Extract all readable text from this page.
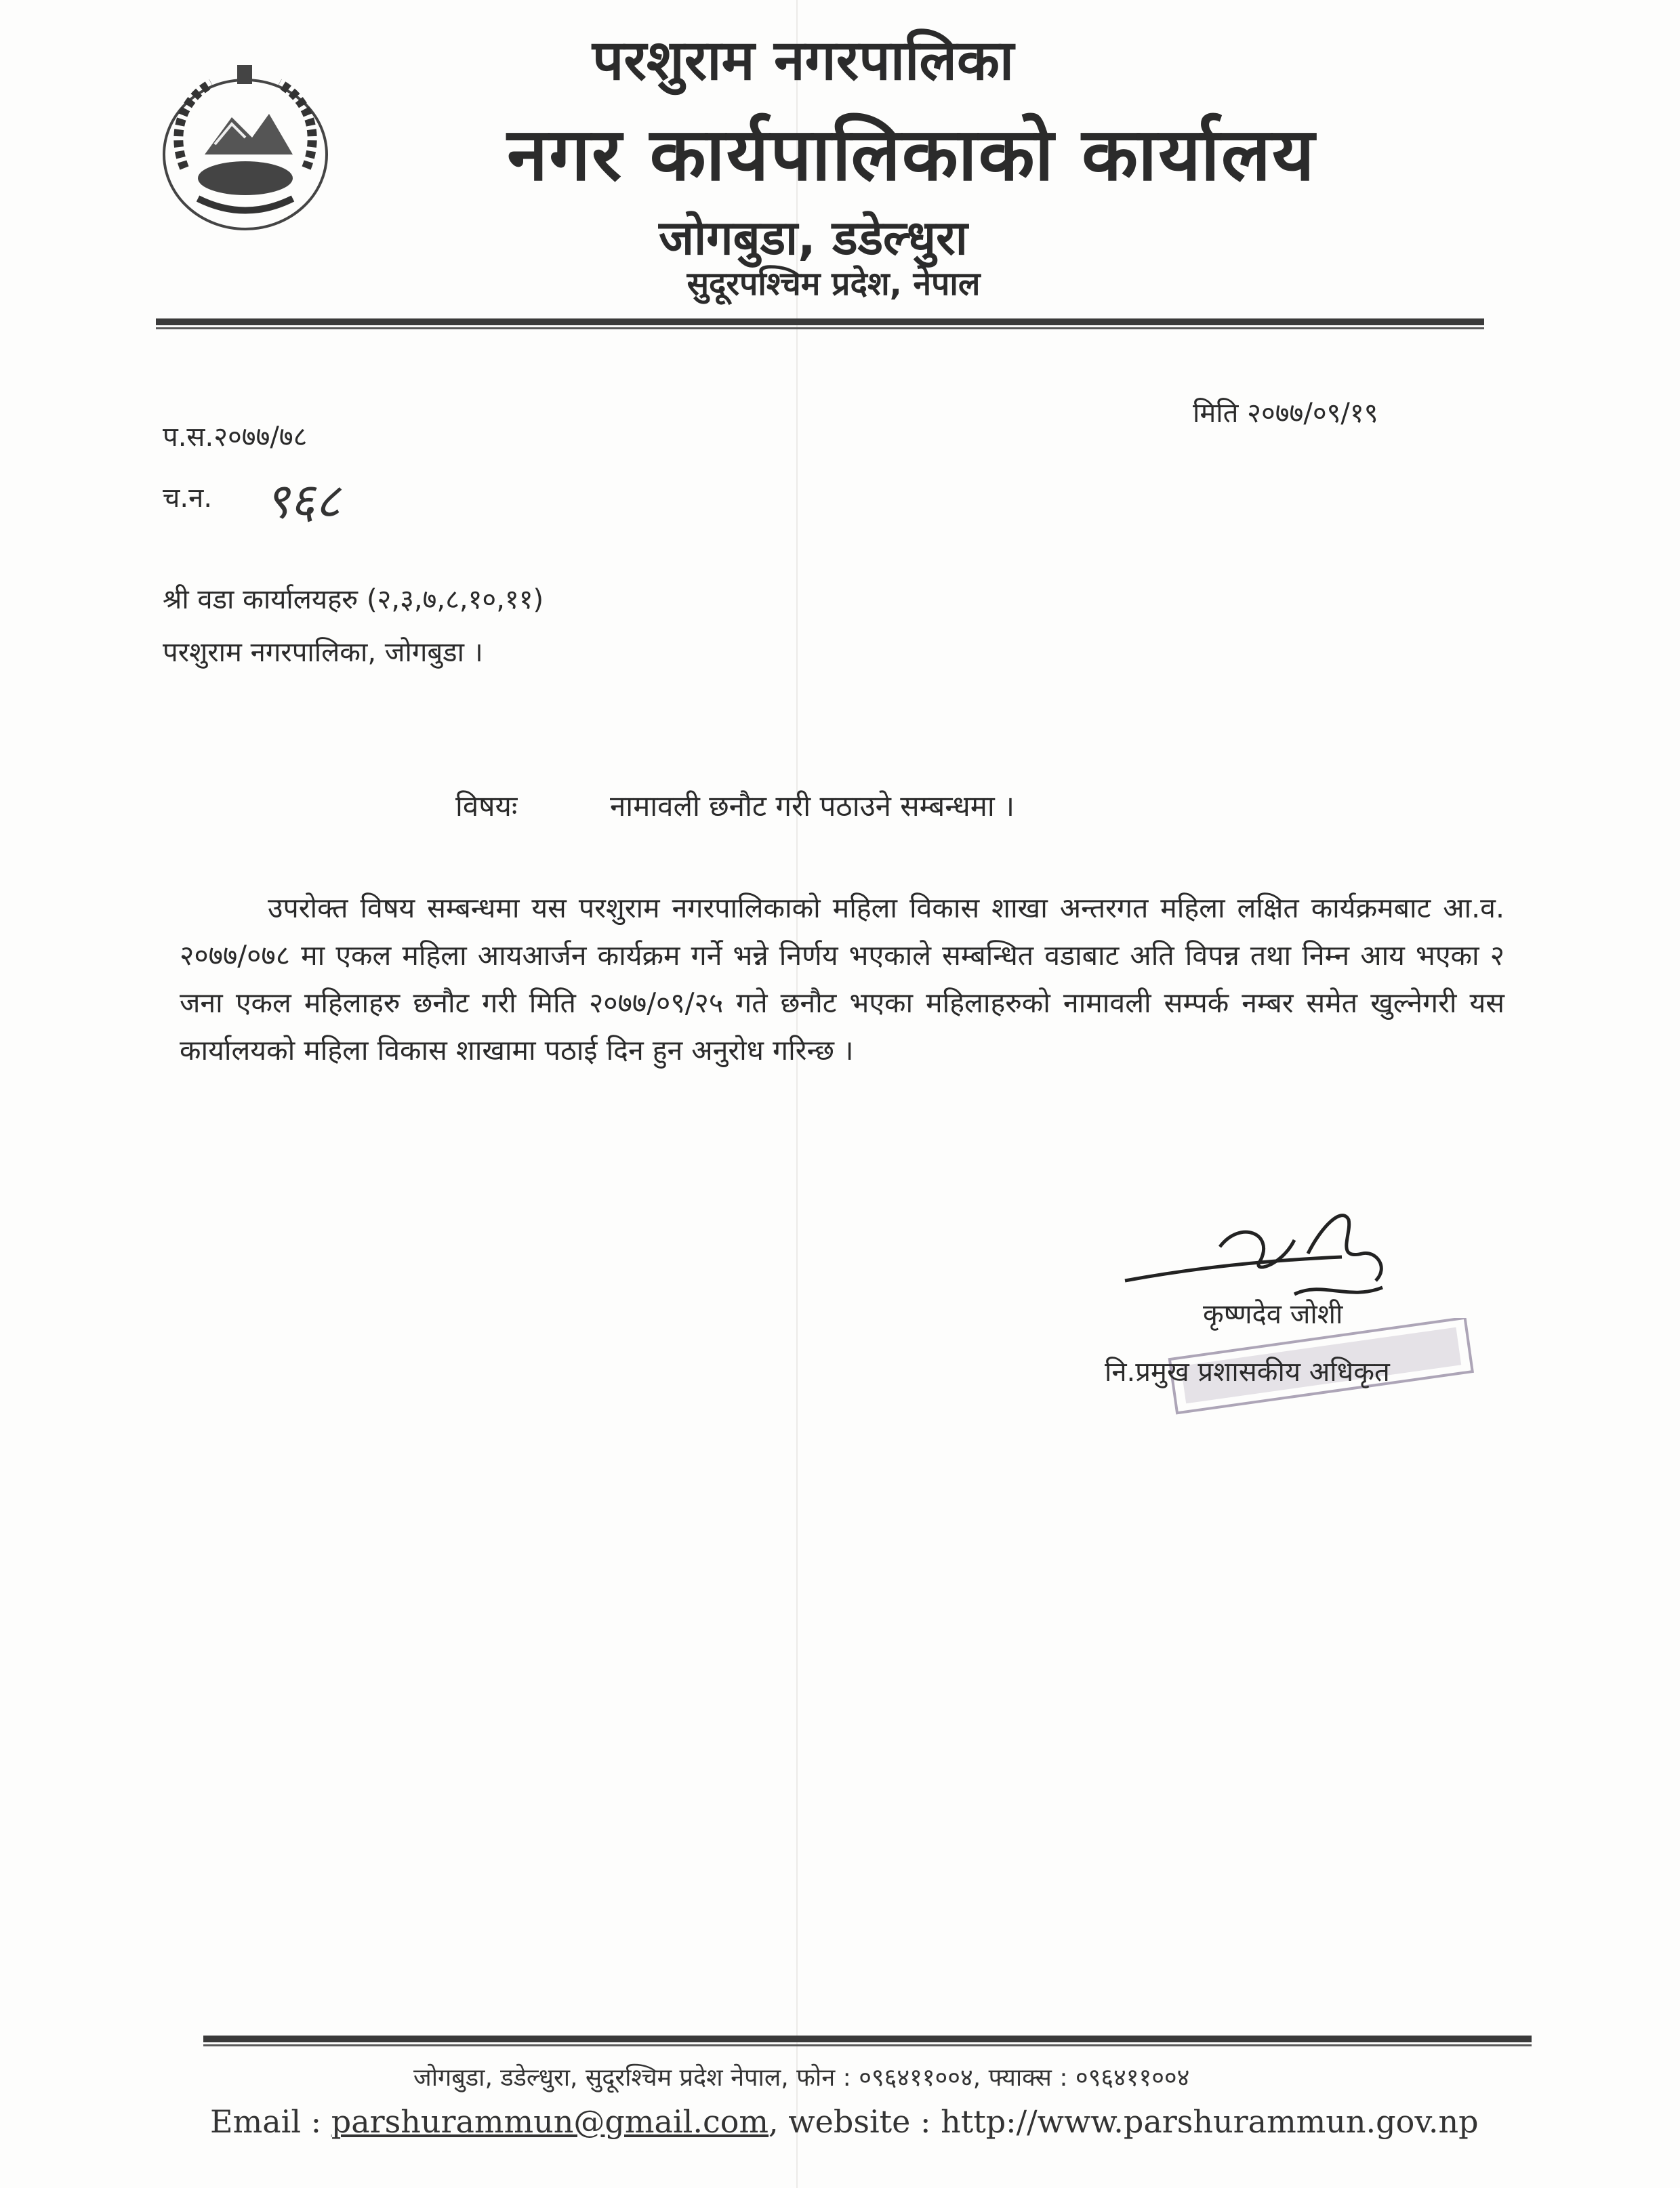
परशुराम नगरपालिका
नगर कार्यपालिकाको कार्यालय
जोगबुडा, डडेल्धुरा
सुदूरपश्चिम प्रदेश, नेपाल
मिति २०७७/०९/१९
प.स.२०७७/७८
च.न. ९६८
श्री वडा कार्यालयहरु (२,३,७,८,१०,११)
परशुराम नगरपालिका, जोगबुडा ।
विषयः	नामावली छनौट गरी पठाउने सम्बन्धमा ।
उपरोक्त विषय सम्बन्धमा यस परशुराम नगरपालिकाको महिला विकास शाखा अन्तरगत महिला लक्षित कार्यक्रमबाट आ.व. २०७७/०७८ मा एकल महिला आयआर्जन कार्यक्रम गर्ने भन्ने निर्णय भएकाले सम्बन्धित वडाबाट अति विपन्न तथा निम्न आय भएका २ जना एकल महिलाहरु छनौट गरी मिति २०७७/०९/२५ गते छनौट भएका महिलाहरुको नामावली सम्पर्क नम्बर समेत खुल्नेगरी यस कार्यालयको महिला विकास शाखामा पठाई दिन हुन अनुरोध गरिन्छ ।
कृष्णदेव जोशी
नि.प्रमुख प्रशासकीय अधिकृत
जोगबुडा, डडेल्धुरा, सुदूरश्चिम प्रदेश नेपाल, फोन : ०९६४११००४, फ्याक्स : ०९६४११००४
Email : parshurammun@gmail.com, website : http://www.parshurammun.gov.np
